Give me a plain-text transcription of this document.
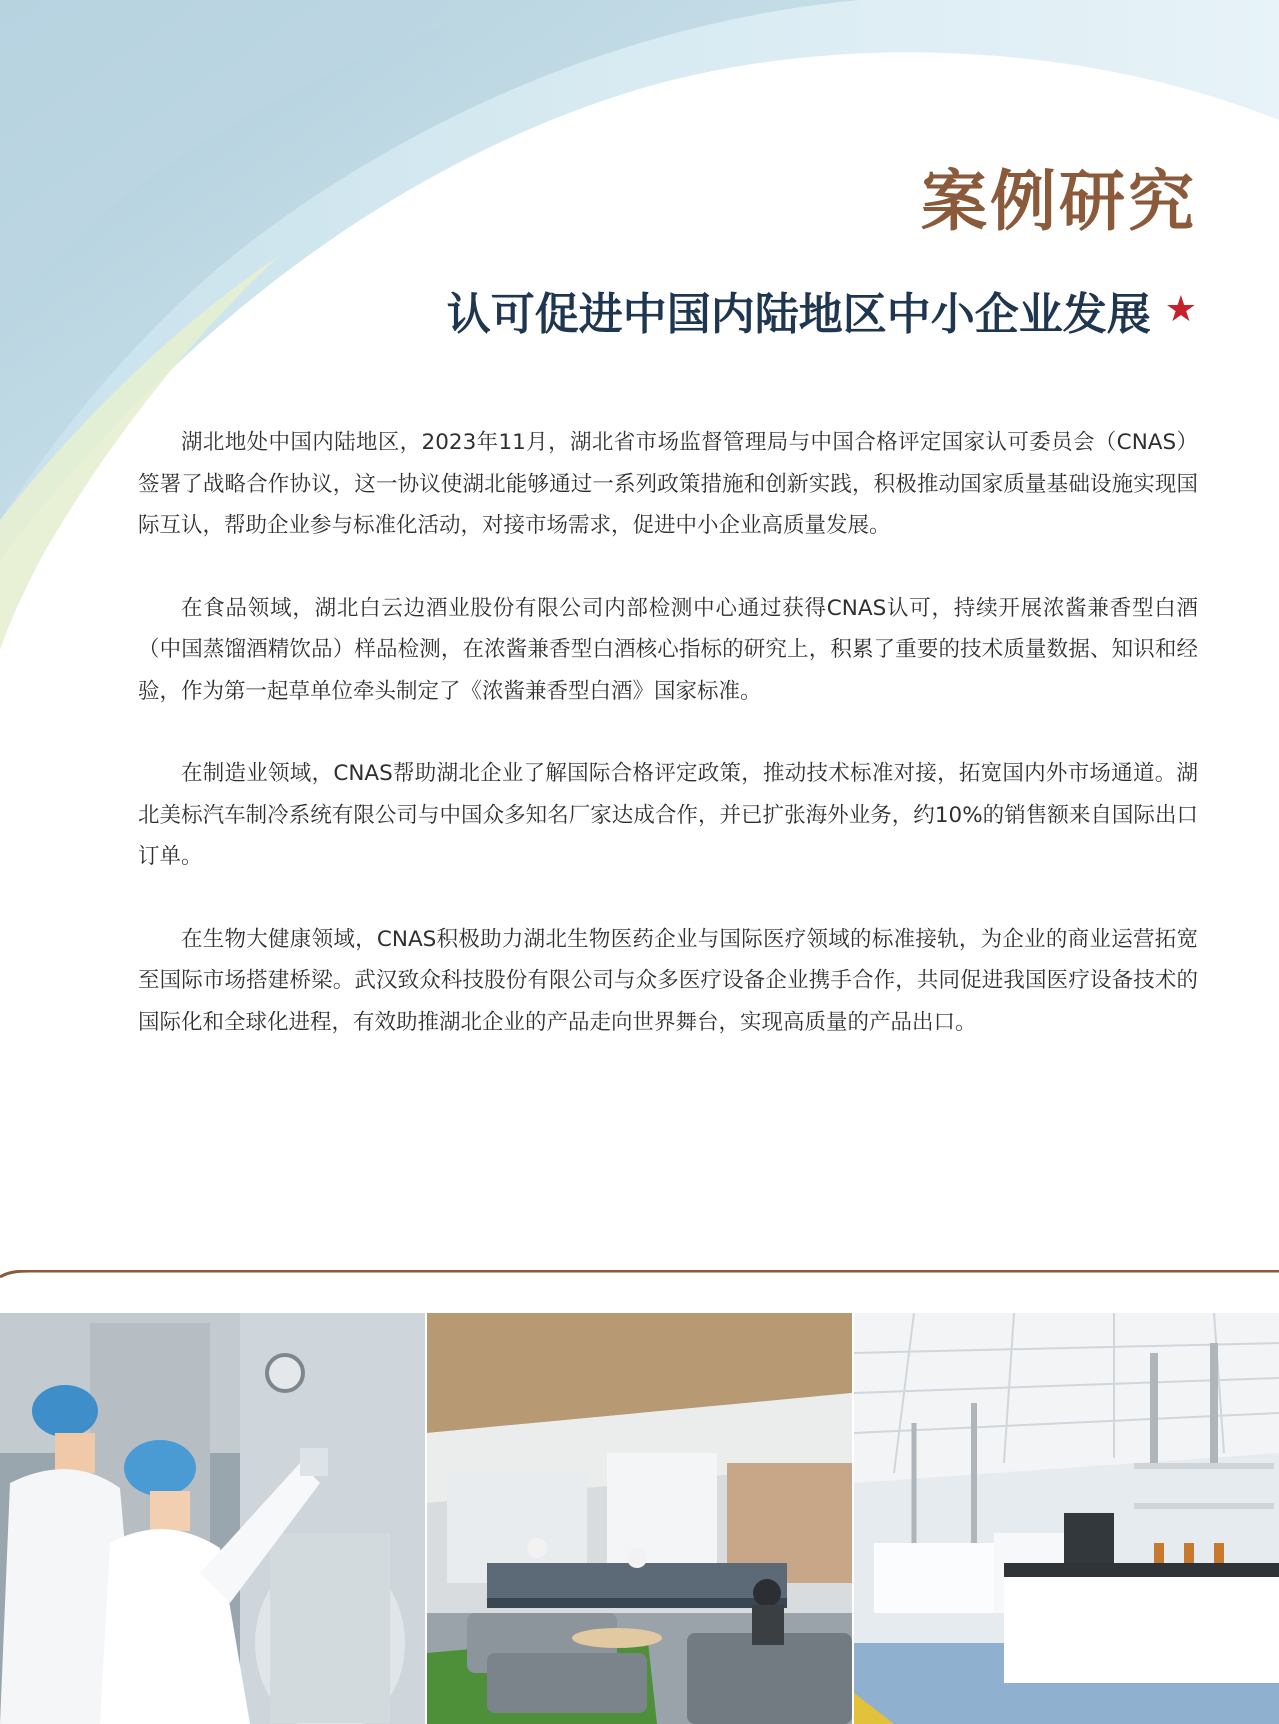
案例研究
认可促进中国内陆地区中小企业发展 ★

湖北地处中国内陆地区，2023年11月，湖北省市场监督管理局与中国合格评定国家认可委员会（CNAS）签署了战略合作协议，这一协议使湖北能够通过一系列政策措施和创新实践，积极推动国家质量基础设施实现国际互认，帮助企业参与标准化活动，对接市场需求，促进中小企业高质量发展。

在食品领域，湖北白云边酒业股份有限公司内部检测中心通过获得CNAS认可，持续开展浓酱兼香型白酒（中国蒸馏酒精饮品）样品检测，在浓酱兼香型白酒核心指标的研究上，积累了重要的技术质量数据、知识和经验，作为第一起草单位牵头制定了《浓酱兼香型白酒》国家标准。

在制造业领域，CNAS帮助湖北企业了解国际合格评定政策，推动技术标准对接，拓宽国内外市场通道。湖北美标汽车制冷系统有限公司与中国众多知名厂家达成合作，并已扩张海外业务，约10%的销售额来自国际出口订单。

在生物大健康领域，CNAS积极助力湖北生物医药企业与国际医疗领域的标准接轨，为企业的商业运营拓宽至国际市场搭建桥梁。武汉致众科技股份有限公司与众多医疗设备企业携手合作，共同促进我国医疗设备技术的国际化和全球化进程，有效助推湖北企业的产品走向世界舞台，实现高质量的产品出口。
